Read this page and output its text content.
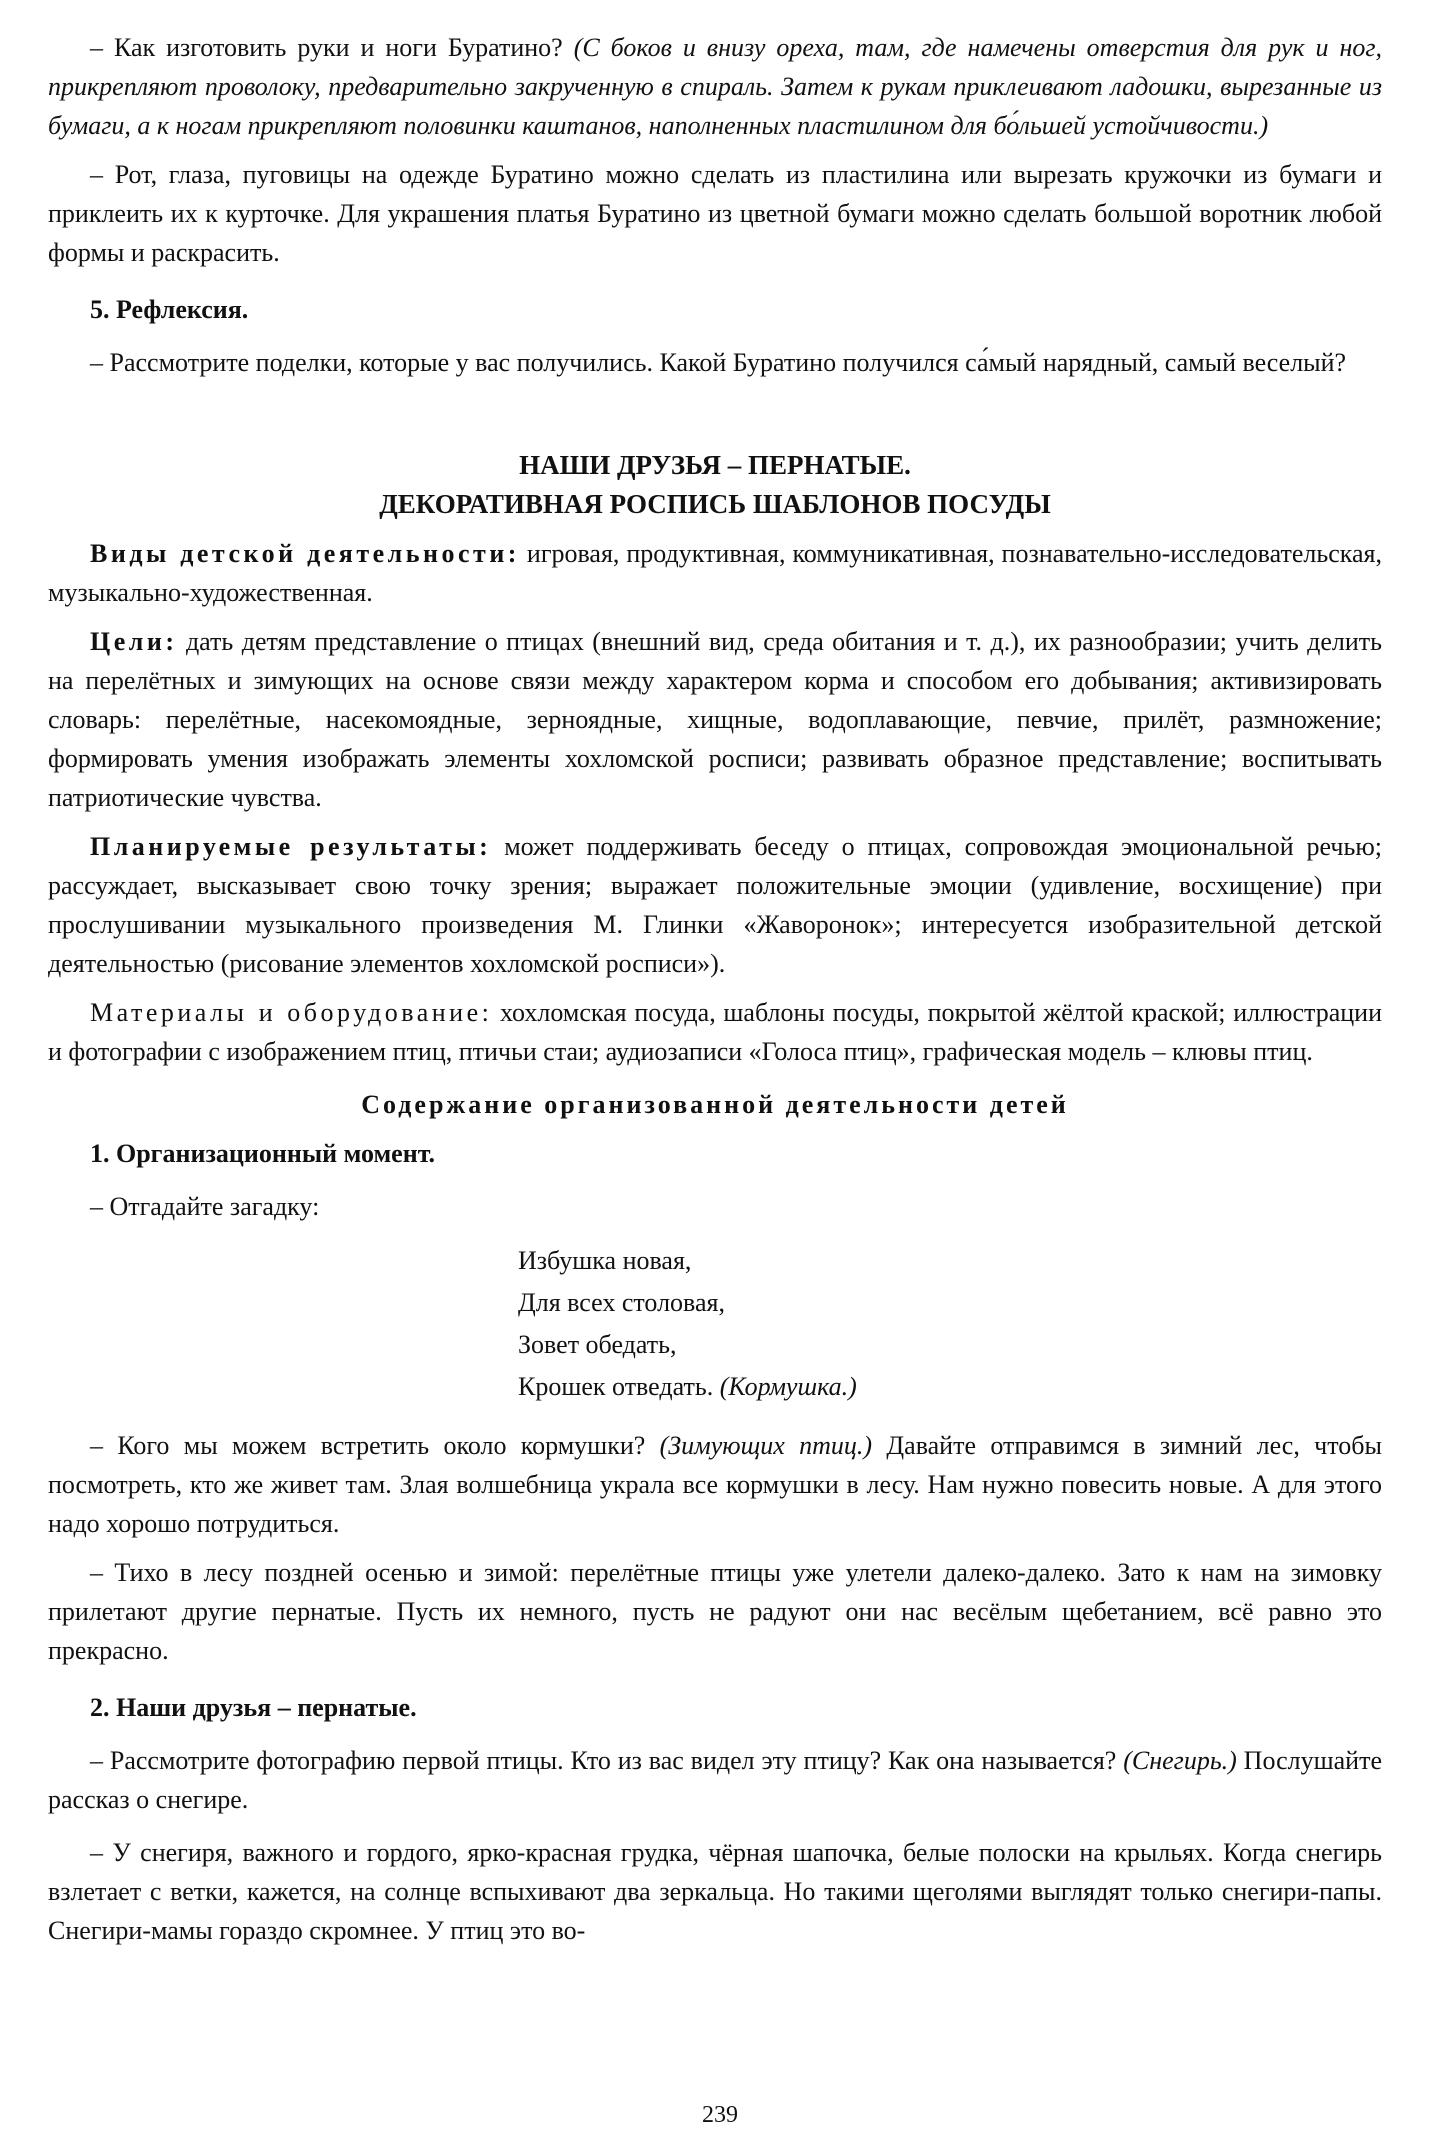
– Как изготовить руки и ноги Буратино? (С боков и внизу ореха, там, где намечены отверстия для рук и ног, прикрепляют проволоку, предварительно закрученную в спираль. Затем к рукам приклеивают ладошки, вырезанные из бумаги, а к ногам прикрепляют половинки каштанов, наполненных пластилином для бо́льшей устойчивости.)

– Рот, глаза, пуговицы на одежде Буратино можно сделать из пластилина или вырезать кружочки из бумаги и приклеить их к курточке. Для украшения платья Буратино из цветной бумаги можно сделать большой воротник любой формы и раскрасить.

5. Рефлексия.

– Рассмотрите поделки, которые у вас получились. Какой Буратино получился са́мый нарядный, самый веселый?

НАШИ ДРУЗЬЯ – ПЕРНАТЫЕ.
ДЕКОРАТИВНАЯ РОСПИСЬ ШАБЛОНОВ ПОСУДЫ

Виды детской деятельности: игровая, продуктивная, коммуникативная, познавательно-исследовательская, музыкально-художественная.

Цели: дать детям представление о птицах (внешний вид, среда обитания и т. д.), их разнообразии; учить делить на перелётных и зимующих на основе связи между характером корма и способом его добывания; активизировать словарь: перелётные, насекомоядные, зерноядные, хищные, водоплавающие, певчие, прилёт, размножение; формировать умения изображать элементы хохломской росписи; развивать образное представление; воспитывать патриотические чувства.

Планируемые результаты: может поддерживать беседу о птицах, сопровождая эмоциональной речью; рассуждает, высказывает свою точку зрения; выражает положительные эмоции (удивление, восхищение) при прослушивании музыкального произведения М. Глинки «Жаворонок»; интересуется изобразительной детской деятельностью (рисование элементов хохломской росписи»).

Материалы и оборудование: хохломская посуда, шаблоны посуды, покрытой жёлтой краской; иллюстрации и фотографии с изображением птиц, птичьи стаи; аудиозаписи «Голоса птиц», графическая модель – клювы птиц.

Содержание организованной деятельности детей

1. Организационный момент.

– Отгадайте загадку:

Избушка новая,
Для всех столовая,
Зовет обедать,
Крошек отведать. (Кормушка.)

– Кого мы можем встретить около кормушки? (Зимующих птиц.) Давайте отправимся в зимний лес, чтобы посмотреть, кто же живет там. Злая волшебница украла все кормушки в лесу. Нам нужно повесить новые. А для этого надо хорошо потрудиться.

– Тихо в лесу поздней осенью и зимой: перелётные птицы уже улетели далеко-далеко. Зато к нам на зимовку прилетают другие пернатые. Пусть их немного, пусть не радуют они нас весёлым щебетанием, всё равно это прекрасно.

2. Наши друзья – пернатые.

– Рассмотрите фотографию первой птицы. Кто из вас видел эту птицу? Как она называется? (Снегирь.) Послушайте рассказ о снегире.

– У снегиря, важного и гордого, ярко-красная грудка, чёрная шапочка, белые полоски на крыльях. Когда снегирь взлетает с ветки, кажется, на солнце вспыхивают два зеркальца. Но такими щеголями выглядят только снегири-папы. Снегири-мамы гораздо скромнее. У птиц это во-

239
